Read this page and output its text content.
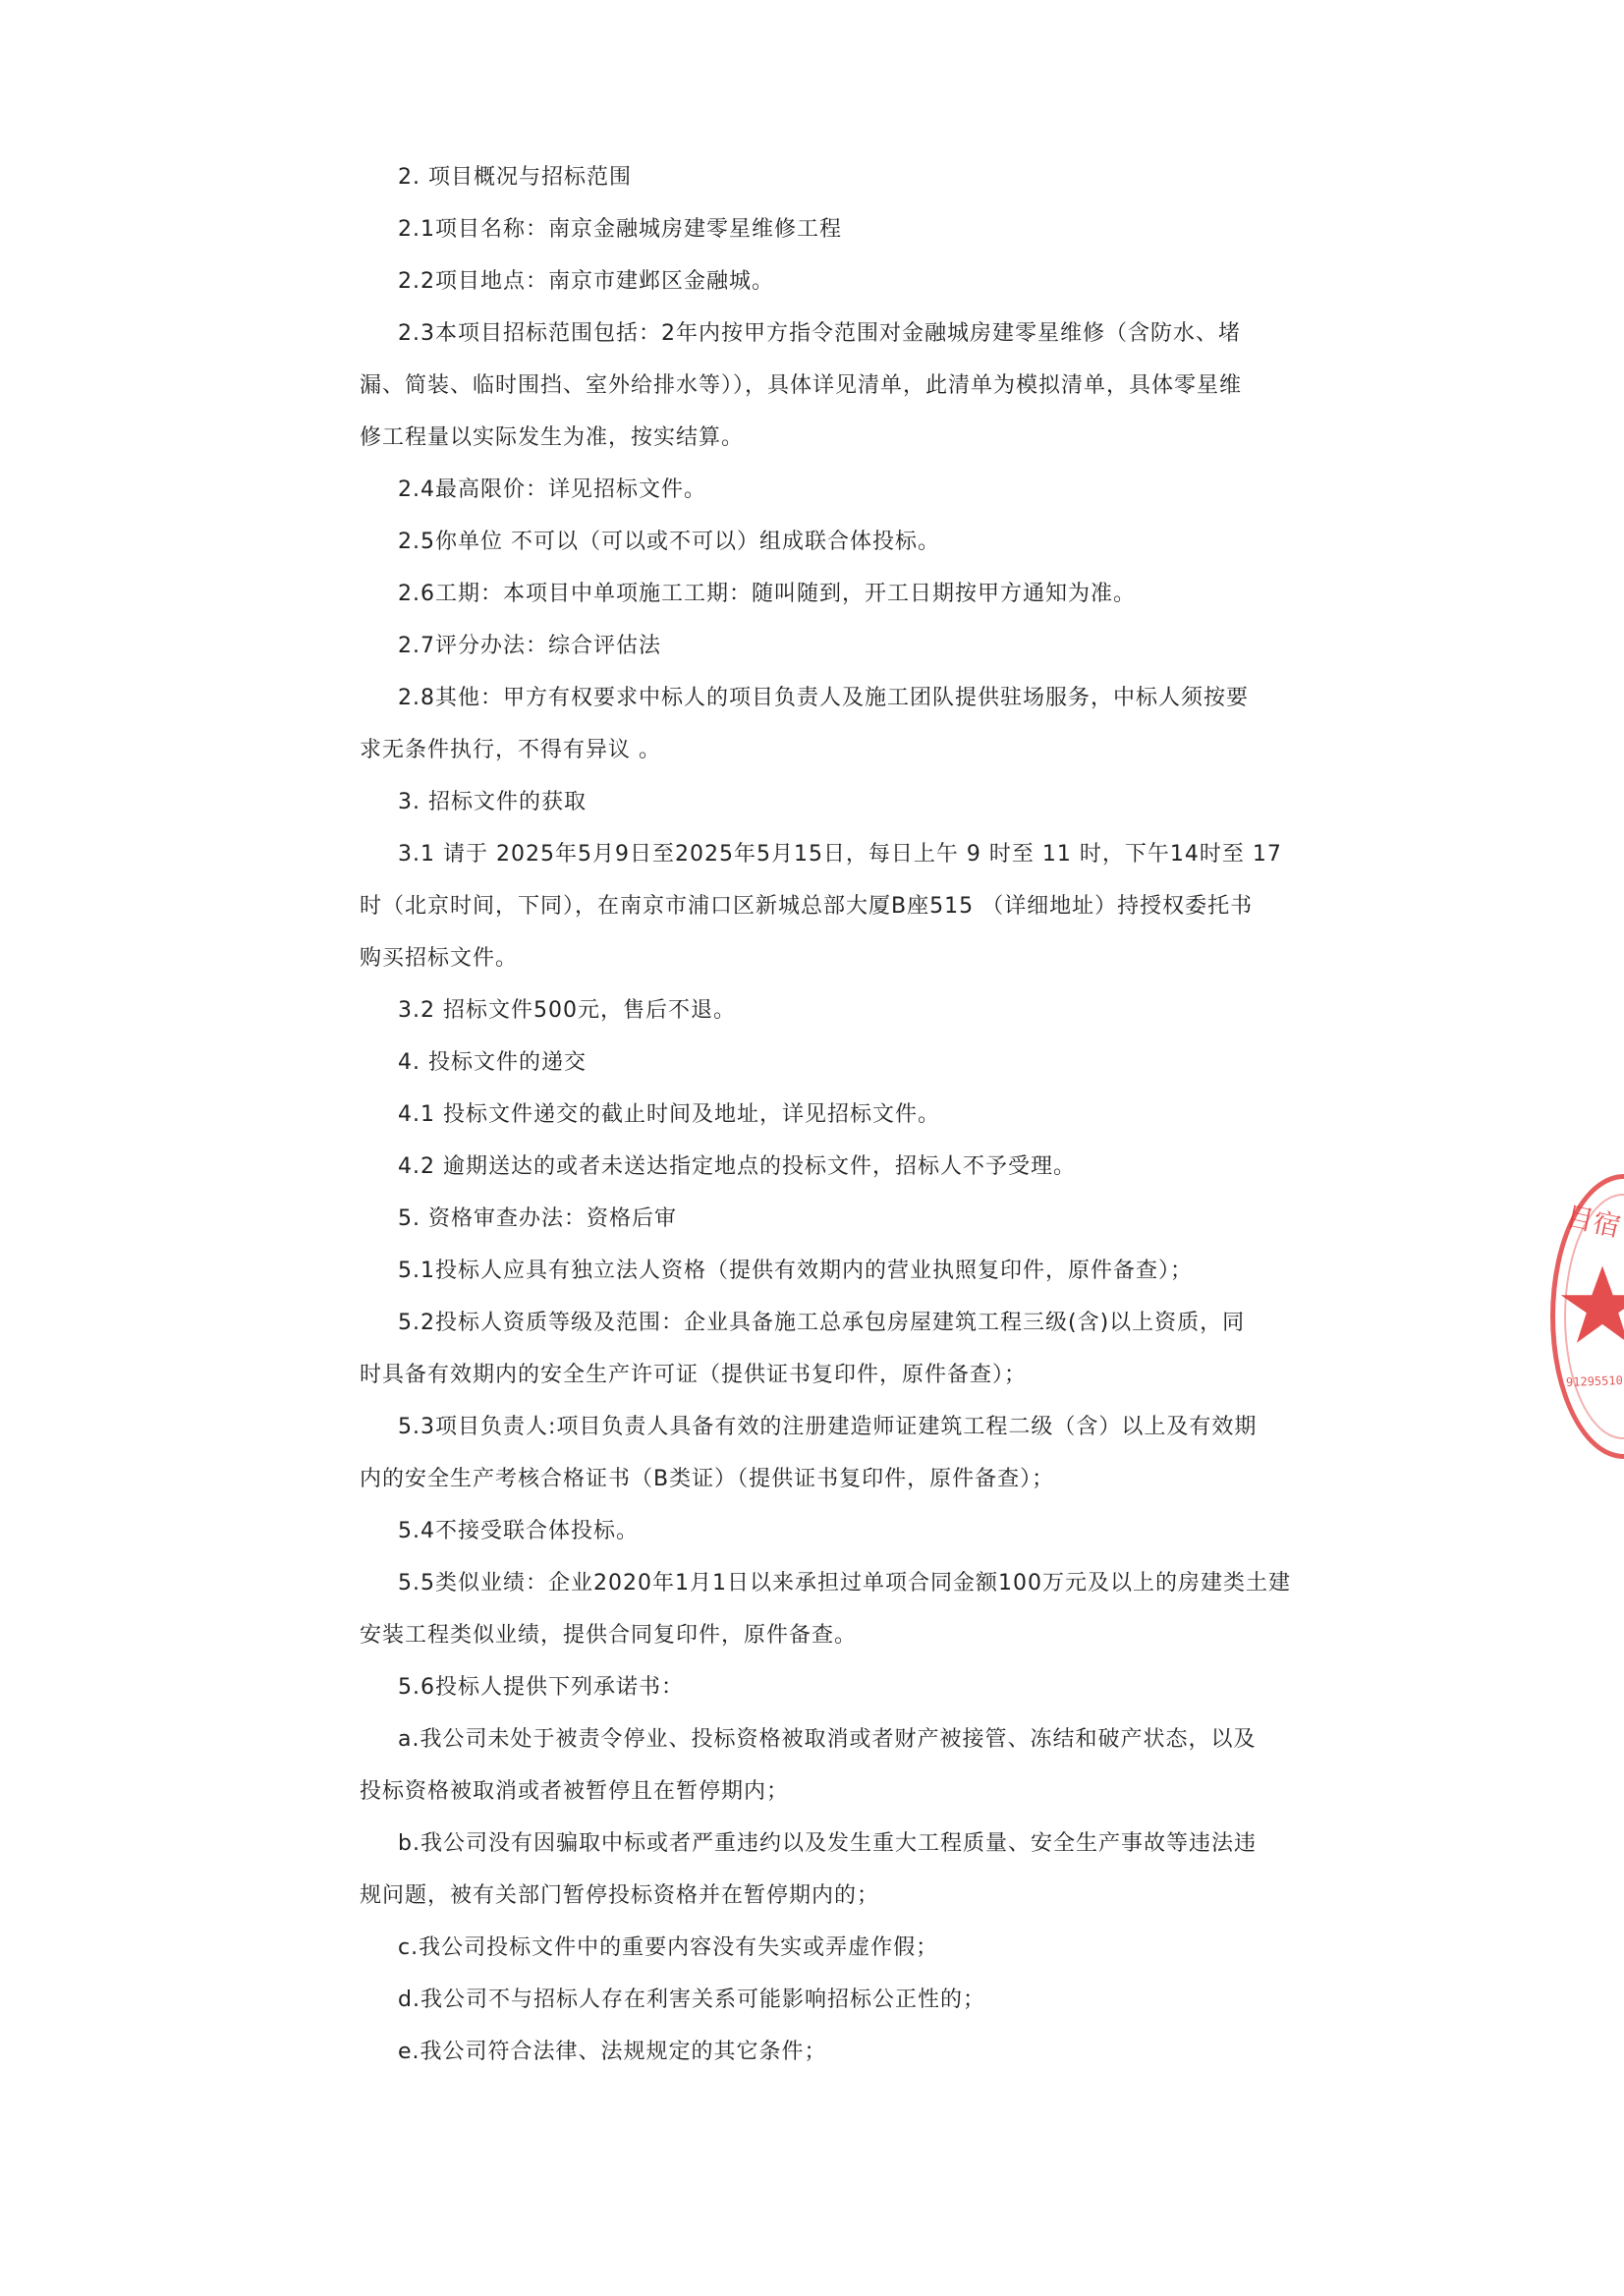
2. 项目概况与招标范围
2.1项目名称：南京金融城房建零星维修工程
2.2项目地点：南京市建邺区金融城。
2.3本项目招标范围包括：2年内按甲方指令范围对金融城房建零星维修（含防水、堵
漏、简装、临时围挡、室外给排水等）），具体详见清单，此清单为模拟清单，具体零星维
修工程量以实际发生为准，按实结算。
2.4最高限价：详见招标文件。
2.5你单位 不可以（可以或不可以）组成联合体投标。
2.6工期：本项目中单项施工工期：随叫随到，开工日期按甲方通知为准。
2.7评分办法：综合评估法
2.8其他：甲方有权要求中标人的项目负责人及施工团队提供驻场服务，中标人须按要
求无条件执行，不得有异议 。
3. 招标文件的获取
3.1 请于 2025年5月9日至2025年5月15日，每日上午 9 时至 11 时，下午14时至 17
时（北京时间，下同），在南京市浦口区新城总部大厦B座515 （详细地址）持授权委托书
购买招标文件。
3.2 招标文件500元，售后不退。
4. 投标文件的递交
4.1 投标文件递交的截止时间及地址，详见招标文件。
4.2 逾期送达的或者未送达指定地点的投标文件，招标人不予受理。
5. 资格审查办法：资格后审
5.1投标人应具有独立法人资格（提供有效期内的营业执照复印件，原件备查）；
5.2投标人资质等级及范围：企业具备施工总承包房屋建筑工程三级(含)以上资质，同
时具备有效期内的安全生产许可证（提供证书复印件，原件备查）；
5.3项目负责人:项目负责人具备有效的注册建造师证建筑工程二级（含）以上及有效期
内的安全生产考核合格证书（B类证）（提供证书复印件，原件备查）；
5.4不接受联合体投标。
5.5类似业绩：企业2020年1月1日以来承担过单项合同金额100万元及以上的房建类土建
安装工程类似业绩，提供合同复印件，原件备查。
5.6投标人提供下列承诺书：
a.我公司未处于被责令停业、投标资格被取消或者财产被接管、冻结和破产状态，以及
投标资格被取消或者被暂停且在暂停期内；
b.我公司没有因骗取中标或者严重违约以及发生重大工程质量、安全生产事故等违法违
规问题，被有关部门暂停投标资格并在暂停期内的；
c.我公司投标文件中的重要内容没有失实或弄虚作假；
d.我公司不与招标人存在利害关系可能影响招标公正性的；
e.我公司符合法律、法规规定的其它条件；
目宿
91295510
